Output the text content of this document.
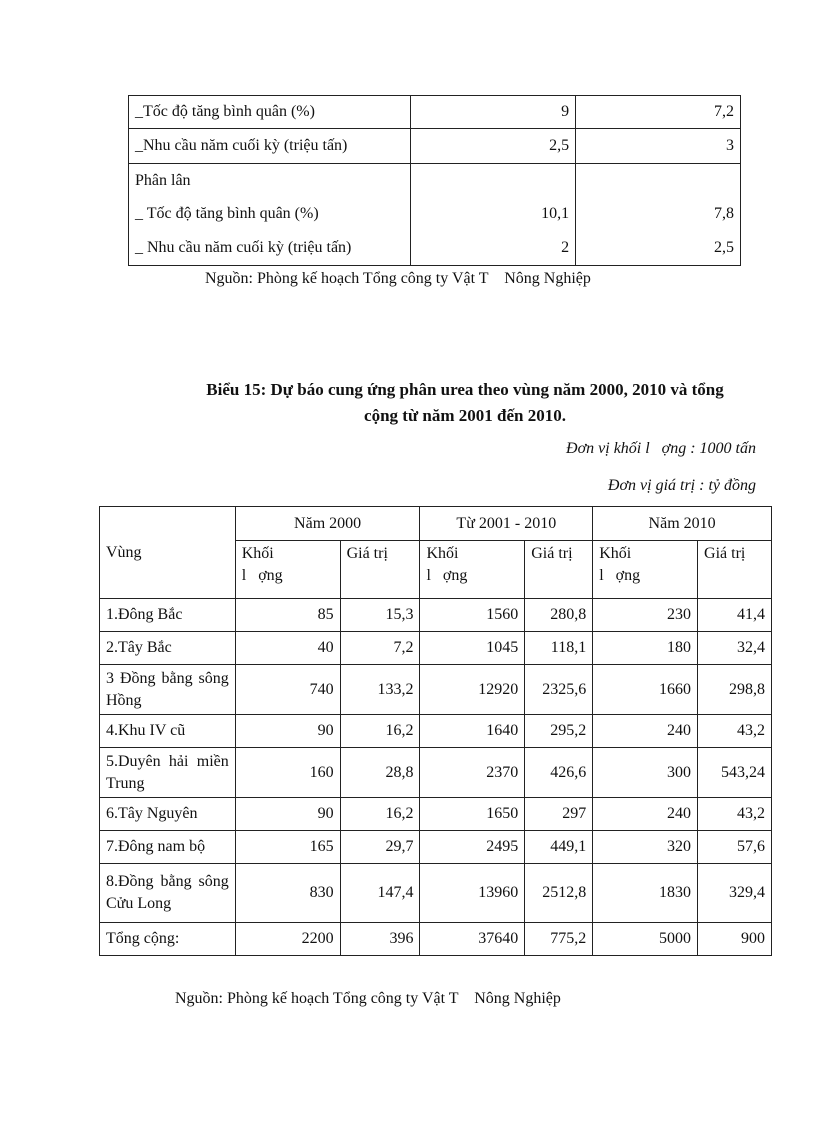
_Tốc độ tăng bình quân (%)	9	7,2
_Nhu cầu năm cuối kỳ (triệu tấn)	2,5	3
Phân lân		
_ Tốc độ tăng bình quân (%)	10,1	7,8
_ Nhu cầu năm cuối kỳ (triệu tấn)	2	2,5
Nguồn: Phòng kế hoạch Tổng công ty Vật T    Nông Nghiệp
Biểu 15: Dự báo cung ứng phân urea theo vùng năm 2000, 2010 và tổng
cộng từ năm 2001 đến 2010.
Đơn vị khối l   ợng : 1000 tấn
Đơn vị giá trị : tỷ đồng
Vùng	Năm 2000		Từ 2001 - 2010		Năm 2010	

	Khối
l   ợng	Giá trị	Khối
l   ợng	Giá trị	Khối
l   ợng	Giá trị
1.Đông Bắc	85	15,3	1560	280,8	230	41,4
2.Tây Bắc	40	7,2	1045	118,1	180	32,4
3 Đồng bằng sông Hồng	740	133,2	12920	2325,6	1660	298,8
4.Khu IV cũ	90	16,2	1640	295,2	240	43,2
5.Duyên hải miền Trung	160	28,8	2370	426,6	300	543,24
6.Tây Nguyên	90	16,2	1650	297	240	43,2
7.Đông nam bộ	165	29,7	2495	449,1	320	57,6
8.Đồng bằng sông Cửu Long	830	147,4	13960	2512,8	1830	329,4
Tổng cộng:	2200	396	37640	775,2	5000	900
Nguồn: Phòng kế hoạch Tổng công ty Vật T    Nông Nghiệp
